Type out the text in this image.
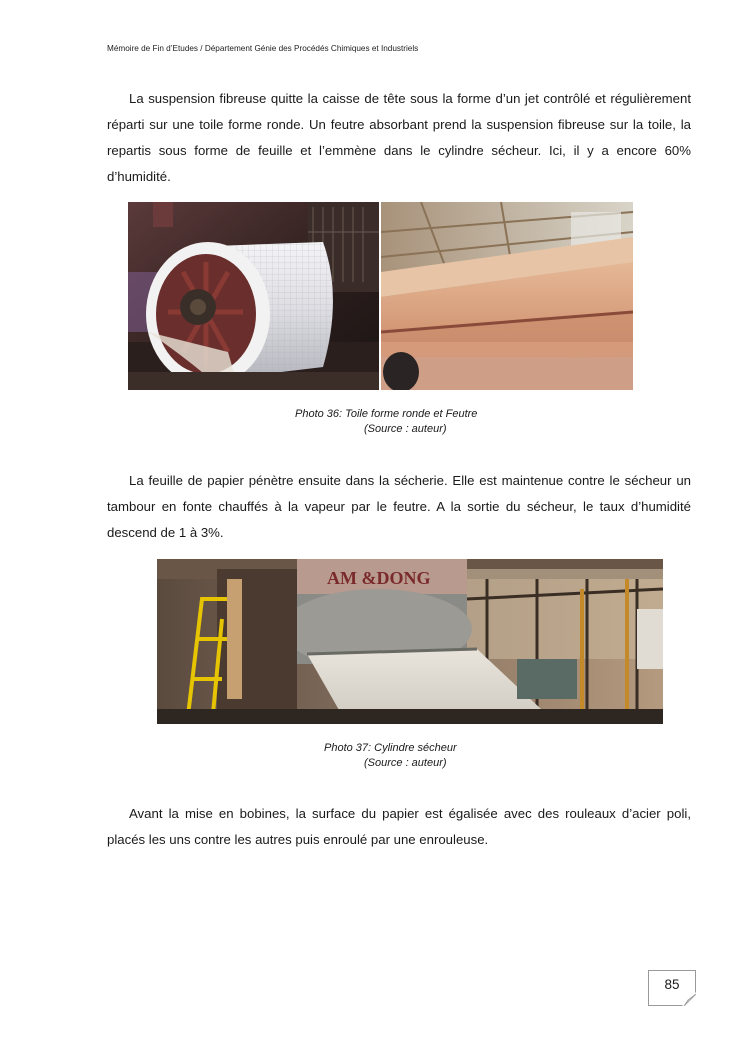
Mémoire de Fin d’Etudes / Département Génie des Procédés Chimiques et Industriels

La suspension fibreuse quitte la caisse de tête sous la forme d’un jet contrôlé et régulièrement réparti sur une toile forme ronde. Un feutre absorbant prend la suspension fibreuse sur la toile, la repartis sous forme de feuille et l’emmène dans le cylindre sécheur. Ici, il y a encore 60% d’humidité.

Photo 36: Toile forme ronde et Feutre
(Source : auteur)

La feuille de papier pénètre ensuite dans la sécherie. Elle est maintenue contre le sécheur un tambour en fonte chauffés à la vapeur par le feutre. A la sortie du sécheur, le taux d’humidité descend de 1 à 3%.

AM &DONG
Photo 37: Cylindre sécheur
(Source : auteur)

Avant la mise en bobines, la surface du papier est égalisée avec des rouleaux d’acier poli, placés les uns contre les autres puis enroulé par une enrouleuse.

85
